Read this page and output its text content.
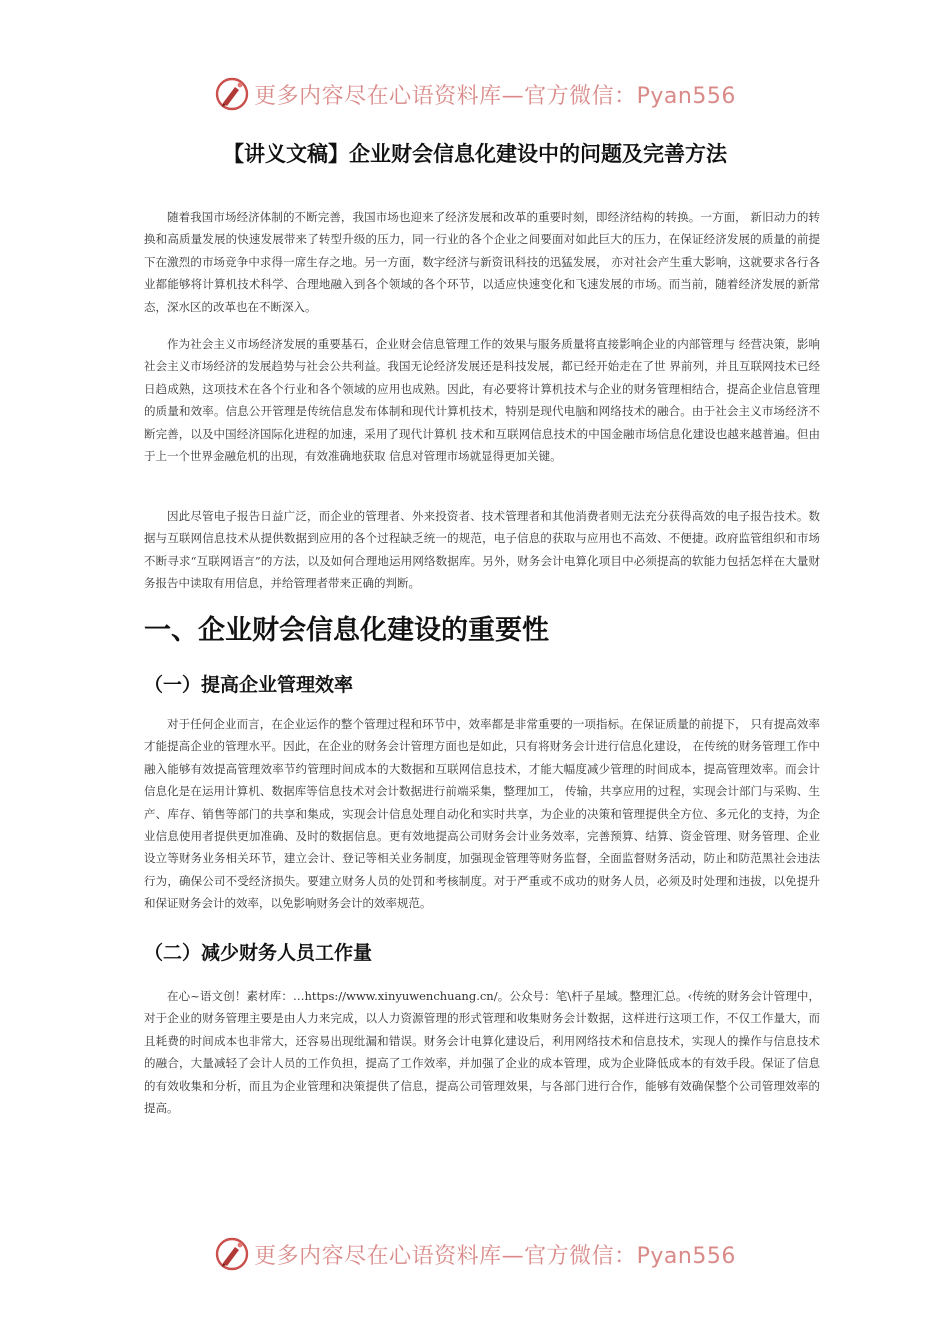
更多内容尽在心语资料库—官方微信：Pyan556
【讲义文稿】企业财会信息化建设中的问题及完善方法

随着我国市场经济体制的不断完善，我国市场也迎来了经济发展和改革的重要时刻，即经济结构的转换。一方面， 新旧动力的转换和高质量发展的快速发展带来了转型升级的压力，同一行业的各个企业之间要面对如此巨大的压力，在保证经济发展的质量的前提下在激烈的市场竞争中求得一席生存之地。另一方面，数字经济与新资讯科技的迅猛发展， 亦对社会产生重大影响，这就要求各行各业都能够将计算机技术科学、合理地融入到各个领域的各个环节，以适应快速变化和飞速发展的市场。而当前，随着经济发展的新常态，深水区的改革也在不断深入。

作为社会主义市场经济发展的重要基石，企业财会信息管理工作的效果与服务质量将直接影响企业的内部管理与 经营决策，影响社会主义市场经济的发展趋势与社会公共利益。我国无论经济发展还是科技发展，都已经开始走在了世 界前列，并且互联网技术已经日趋成熟，这项技术在各个行业和各个领域的应用也成熟。因此，有必要将计算机技术与企业的财务管理相结合，提高企业信息管理的质量和效率。信息公开管理是传统信息发布体制和现代计算机技术，特别是现代电脑和网络技术的融合。由于社会主义市场经济不断完善，以及中国经济国际化进程的加速，采用了现代计算机 技术和互联网信息技术的中国金融市场信息化建设也越来越普遍。但由于上一个世界金融危机的出现，有效准确地获取 信息对管理市场就显得更加关键。

因此尽管电子报告日益广泛，而企业的管理者、外来投资者、技术管理者和其他消费者则无法充分获得高效的电子报告技术。数据与互联网信息技术从提供数据到应用的各个过程缺乏统一的规范，电子信息的获取与应用也不高效、不便捷。政府监管组织和市场不断寻求“互联网语言”的方法，以及如何合理地运用网络数据库。另外，财务会计电算化项目中必须提高的软能力包括怎样在大量财务报告中读取有用信息，并给管理者带来正确的判断。

一、企业财会信息化建设的重要性
（一）提高企业管理效率

对于任何企业而言，在企业运作的整个管理过程和环节中，效率都是非常重要的一项指标。在保证质量的前提下， 只有提高效率才能提高企业的管理水平。因此，在企业的财务会计管理方面也是如此，只有将财务会计进行信息化建设， 在传统的财务管理工作中融入能够有效提高管理效率节约管理时间成本的大数据和互联网信息技术，才能大幅度减少管理的时间成本，提高管理效率。而会计信息化是在运用计算机、数据库等信息技术对会计数据进行前端采集，整理加工， 传输，共享应用的过程，实现会计部门与采购、生产、库存、销售等部门的共享和集成，实现会计信息处理自动化和实时共享，为企业的决策和管理提供全方位、多元化的支持，为企业信息使用者提供更加准确、及时的数据信息。更有效地提高公司财务会计业务效率，完善预算、结算、资金管理、财务管理、企业设立等财务业务相关环节，建立会计、登记等相关业务制度，加强现金管理等财务监督，全面监督财务活动，防止和防范黑社会违法行为，确保公司不受经济损失。要建立财务人员的处罚和考核制度。对于严重或不成功的财务人员，必须及时处理和违拔，以免提升和保证财务会计的效率，以免影响财务会计的效率规范。

（二）减少财务人员工作量

在心~语文创！素材库：…https://www.xinyuwenchuang.cn/。公众号：笔\杆子星域。整理汇总。‹传统的财务会计管理中，对于企业的财务管理主要是由人力来完成，以人力资源管理的形式管理和收集财务会计数据，这样进行这项工作，不仅工作量大，而且耗费的时间成本也非常大，还容易出现纰漏和错误。财务会计电算化建设后，利用网络技术和信息技术，实现人的操作与信息技术的融合，大量减轻了会计人员的工作负担，提高了工作效率，并加强了企业的成本管理，成为企业降低成本的有效手段。保证了信息的有效收集和分析，而且为企业管理和决策提供了信息，提高公司管理效果，与各部门进行合作，能够有效确保整个公司管理效率的提高。

更多内容尽在心语资料库—官方微信：Pyan556
